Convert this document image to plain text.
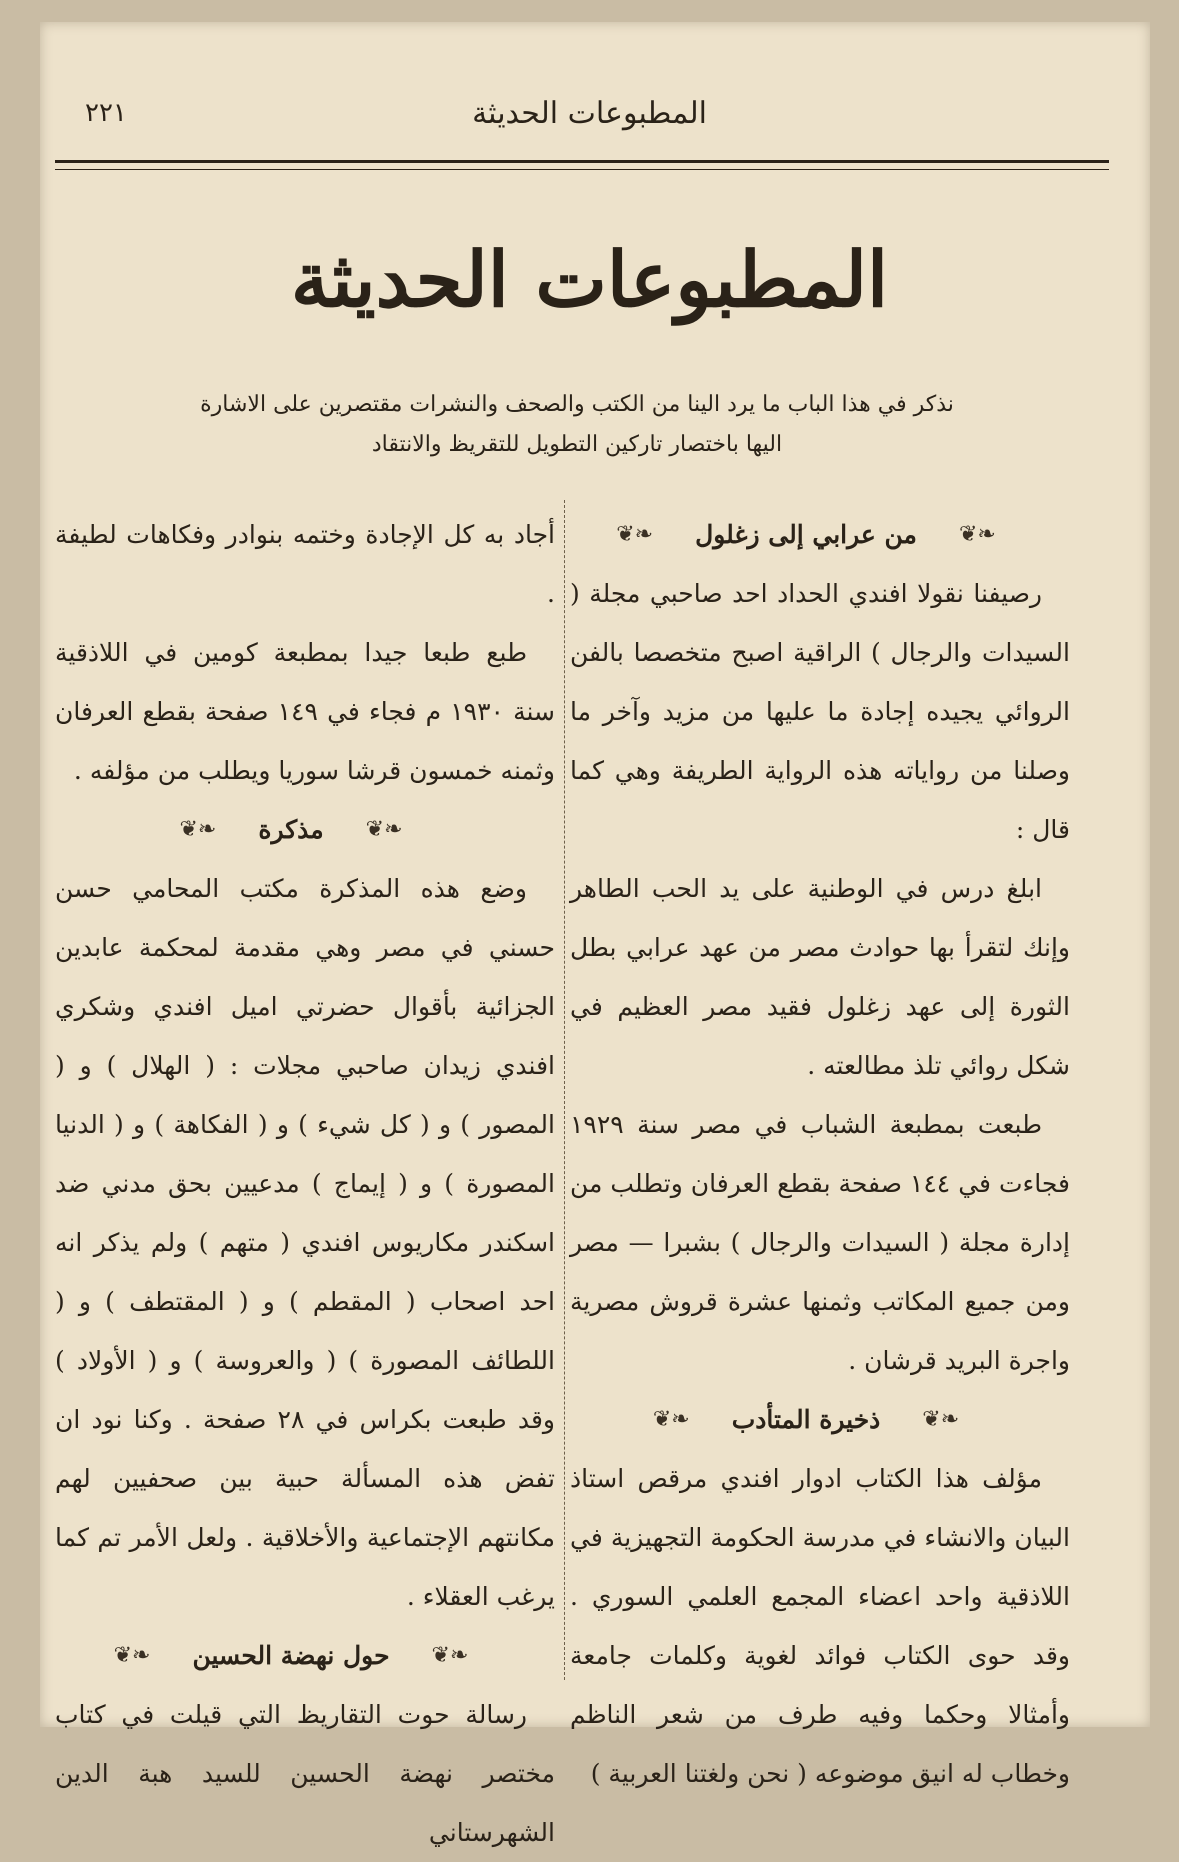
المطبوعات الحديثة
٢٢١
المطبوعات الحديثة
نذكر في هذا الباب ما يرد الينا من الكتب والصحف والنشرات مقتصرين على الاشارة
اليها باختصار تاركين التطويل للتقريظ والانتقاد

❧❦
من عرابي إلى زغلول
❧❦

رصيفنا نقولا افندي الحداد احد صاحبي مجلة ( السيدات والرجال ) الراقية اصبح متخصصا بالفن الروائي يجيده إجادة ما عليها من مزيد وآخر ما وصلنا من رواياته هذه الرواية الطريفة وهي كما قال :

ابلغ درس في الوطنية على يد الحب الطاهر وإنك لتقرأ بها حوادث مصر من عهد عرابي بطل الثورة إلى عهد زغلول فقيد مصر العظيم في شكل روائي تلذ مطالعته .

طبعت بمطبعة الشباب في مصر سنة ١٩٢٩ فجاءت في ١٤٤ صفحة بقطع العرفان وتطلب من إدارة مجلة ( السيدات والرجال ) بشبرا — مصر ومن جميع المكاتب وثمنها عشرة قروش مصرية واجرة البريد قرشان .

❧❦
ذخيرة المتأدب
❧❦

مؤلف هذا الكتاب ادوار افندي مرقص استاذ البيان والانشاء في مدرسة الحكومة التجهيزية في اللاذقية واحد اعضاء المجمع العلمي السوري . وقد حوى الكتاب فوائد لغوية وكلمات جامعة وأمثالا وحكما وفيه طرف من شعر الناظم وخطاب له انيق موضوعه ( نحن ولغتنا العربية )

أجاد به كل الإجادة وختمه بنوادر وفكاهات لطيفة .

طبع طبعا جيدا بمطبعة كومين في اللاذقية سنة ١٩٣٠ م فجاء في ١٤٩ صفحة بقطع العرفان وثمنه خمسون قرشا سوريا ويطلب من مؤلفه .

❧❦
مذكرة
❧❦

وضع هذه المذكرة مكتب المحامي حسن حسني في مصر وهي مقدمة لمحكمة عابدين الجزائية بأقوال حضرتي اميل افندي وشكري افندي زيدان صاحبي مجلات : ( الهلال ) و ( المصور ) و ( كل شيء ) و ( الفكاهة ) و ( الدنيا المصورة ) و ( إيماج ) مدعيين بحق مدني ضد اسكندر مكاريوس افندي ( متهم ) ولم يذكر انه احد اصحاب ( المقطم ) و ( المقتطف ) و ( اللطائف المصورة ) ( والعروسة ) و ( الأولاد ) وقد طبعت بكراس في ٢٨ صفحة . وكنا نود ان تفض هذه المسألة حبية بين صحفيين لهم مكانتهم الإجتماعية والأخلاقية . ولعل الأمر تم كما يرغب العقلاء .

❧❦
حول نهضة الحسين
❧❦

رسالة حوت التقاريظ التي قيلت في كتاب مختصر نهضة الحسين للسيد هبة الدين الشهرستاني
